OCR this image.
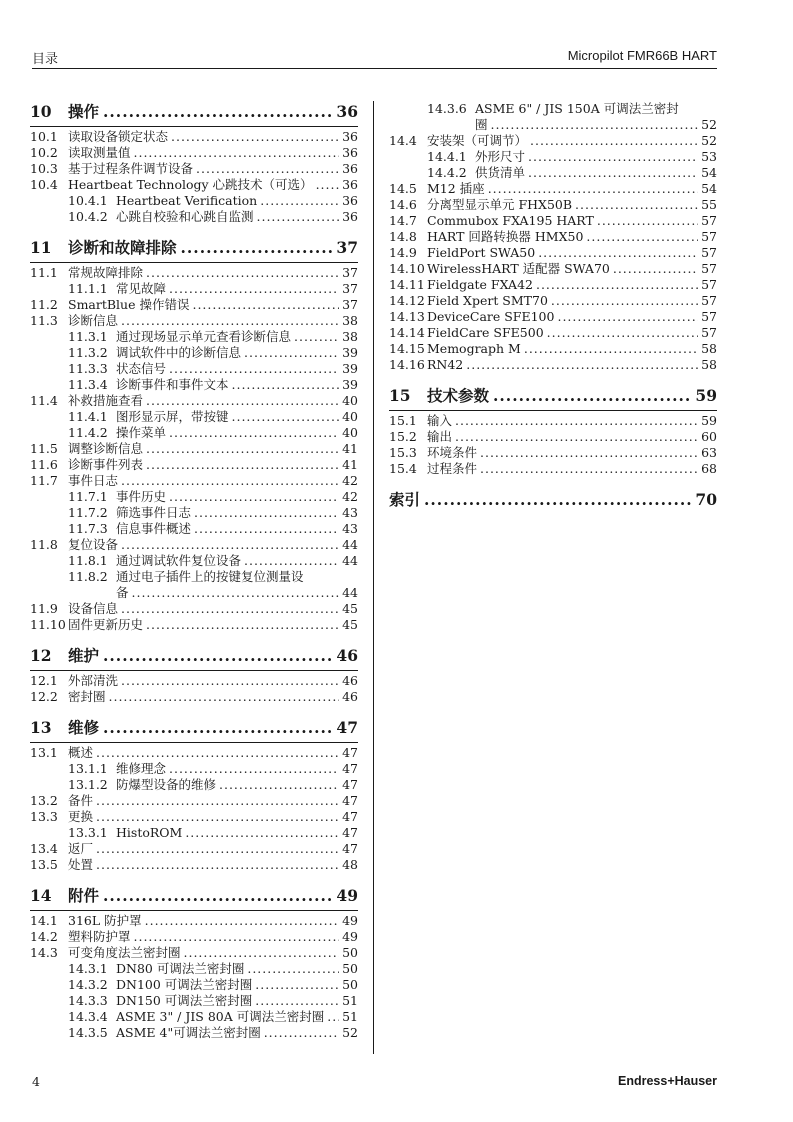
目录	Micropilot FMR66B HART
10	操作 .....	36
10.1 读取设备锁定状态 .....	36
10.2 读取测量值 .....	36
10.3 基于过程条件调节设备 .....	36
10.4 Heartbeat Technology 心跳技术（可选） ..... 36
10.4.1 Heartbeat Verification .....	36
10.4.2 心跳自校验和心跳自监测 .....	36
11	诊断和故障排除 .....	37
11.1 常规故障排除 .....	37
11.1.1 常见故障 .....	37
11.2 SmartBlue 操作错误 .....	37
11.3 诊断信息 .....	38
11.3.1 通过现场显示单元查看诊断信息 .....	38
11.3.2 调试软件中的诊断信息 .....	39
11.3.3 状态信号 .....	39
11.3.4 诊断事件和事件文本 .....	39
11.4 补救措施查看 .....	40
11.4.1 图形显示屏，带按键 .....	40
11.4.2 操作菜单 .....	40
11.5 调整诊断信息 .....	41
11.6 诊断事件列表 .....	41
11.7 事件日志 .....	42
11.7.1 事件历史 .....	42
11.7.2 筛选事件日志 .....	43
11.7.3 信息事件概述 .....	43
11.8 复位设备 .....	44
11.8.1 通过调试软件复位设备 .....	44
11.8.2 通过电子插件上的按键复位测量设
备 .....	44
11.9 设备信息 .....	45
11.10 固件更新历史 .....	45
12	维护 .....	46
12.1 外部清洗 .....	46
12.2 密封圈 .....	46
13	维修 .....	47
13.1 概述 .....	47
13.1.1 维修理念 .....	47
13.1.2 防爆型设备的维修 .....	47
13.2 备件 .....	47
13.3 更换 .....	47
13.3.1 HistoROM .....	47
13.4 返厂 .....	47
13.5 处置 .....	48
14	附件 .....	49
14.1 316L 防护罩 .....	49
14.2 塑料防护罩 .....	49
14.3 可变角度法兰密封圈 .....	50
14.3.1 DN80 可调法兰密封圈 .....	50
14.3.2 DN100 可调法兰密封圈 .....	50
14.3.3 DN150 可调法兰密封圈 .....	51
14.3.4 ASME 3" / JIS 80A 可调法兰密封圈 ..... 51
14.3.5 ASME 4"可调法兰密封圈 .....	52
14.3.6 ASME 6" / JIS 150A 可调法兰密封
圈 .....	52
14.4 安装架（可调节） .....	52
14.4.1 外形尺寸 .....	53
14.4.2 供货清单 .....	54
14.5 M12 插座 .....	54
14.6 分离型显示单元 FHX50B .....	55
14.7 Commubox FXA195 HART .....	57
14.8 HART 回路转换器 HMX50 .....	57
14.9 FieldPort SWA50 .....	57
14.10 WirelessHART 适配器 SWA70 .....	57
14.11 Fieldgate FXA42 .....	57
14.12 Field Xpert SMT70 .....	57
14.13 DeviceCare SFE100 .....	57
14.14 FieldCare SFE500 .....	57
14.15 Memograph M .....	58
14.16 RN42 .....	58
15	技术参数 .....	59
15.1 输入 .....	59
15.2 输出 .....	60
15.3 环境条件 .....	63
15.4 过程条件 .....	68
索引 .....	70
4	Endress+Hauser
